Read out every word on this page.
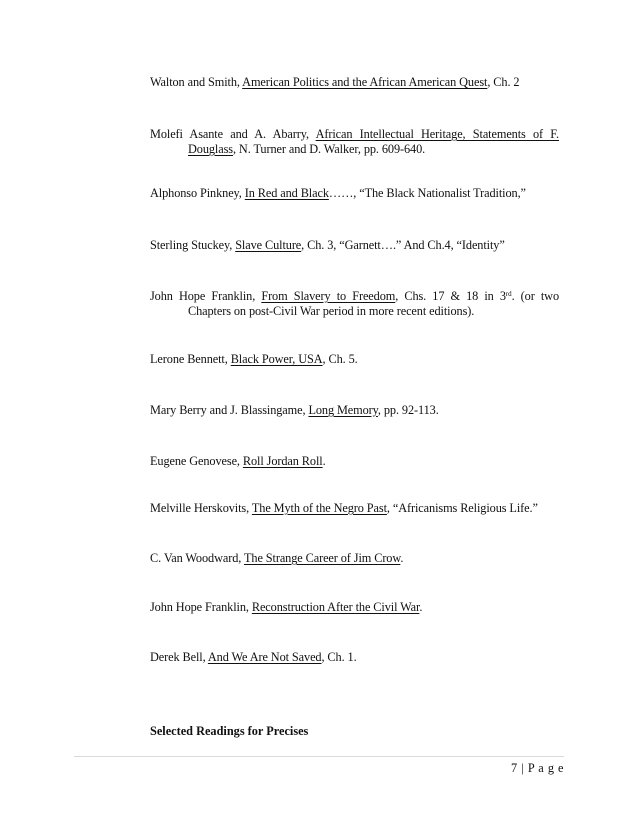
Walton and Smith, American Politics and the African American Quest, Ch. 2
Molefi Asante and A. Abarry, African Intellectual Heritage, Statements of F.
Douglass, N. Turner and D. Walker, pp. 609-640.
Alphonso Pinkney, In Red and Black……, “The Black Nationalist Tradition,”
Sterling Stuckey, Slave Culture, Ch. 3, “Garnett….” And Ch.4, “Identity”
John Hope Franklin, From Slavery to Freedom, Chs. 17 & 18 in 3rd. (or two
Chapters on post-Civil War period in more recent editions).
Lerone Bennett, Black Power, USA, Ch. 5.
Mary Berry and J. Blassingame, Long Memory, pp. 92-113.
Eugene Genovese, Roll Jordan Roll.
Melville Herskovits, The Myth of the Negro Past, “Africanisms Religious Life.”
C. Van Woodward, The Strange Career of Jim Crow.
John Hope Franklin, Reconstruction After the Civil War.
Derek Bell, And We Are Not Saved, Ch. 1.
Selected Readings for Precises
7 | P a g e
